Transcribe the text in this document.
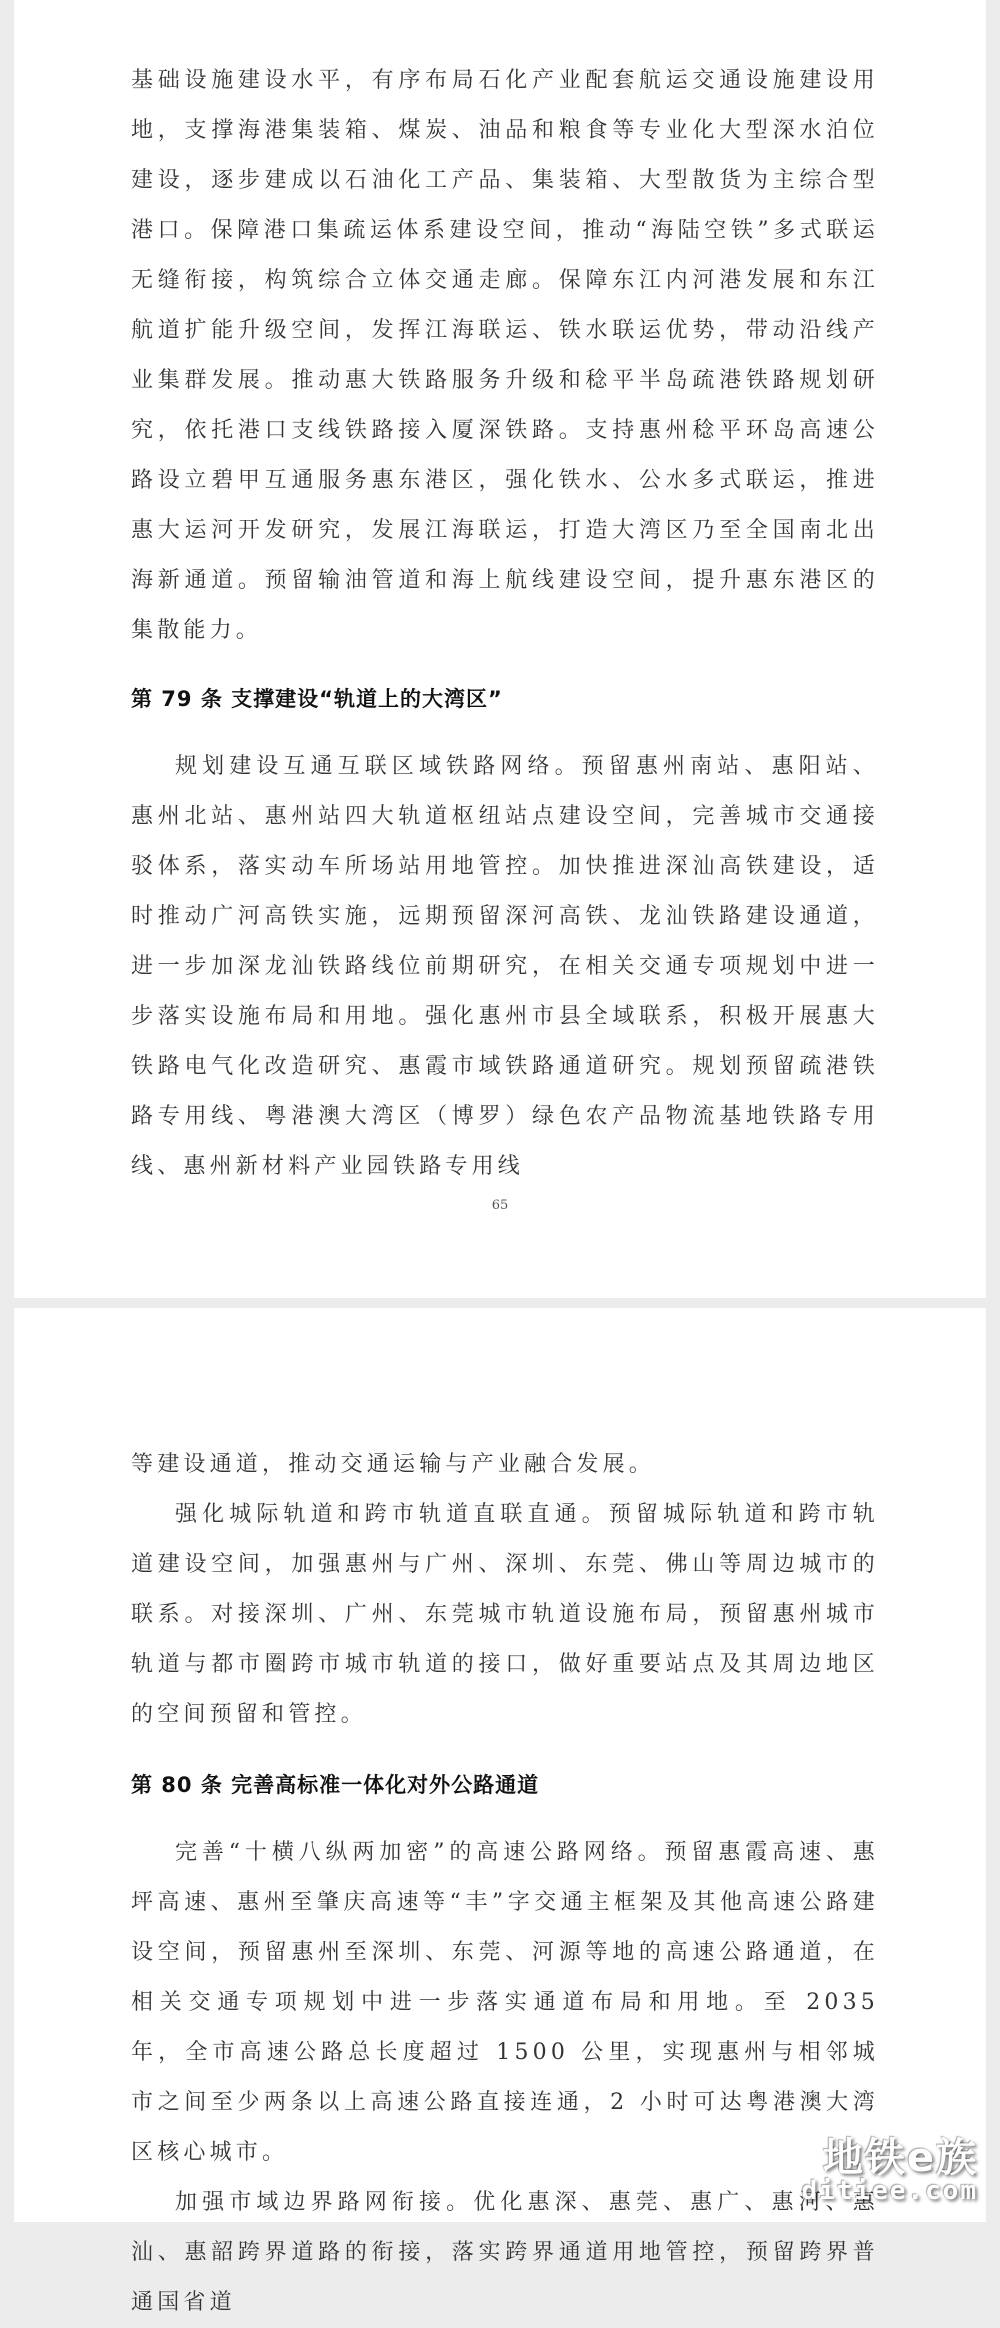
基础设施建设水平，有序布局石化产业配套航运交通设施建设用地，支撑海港集装箱、煤炭、油品和粮食等专业化大型深水泊位建设，逐步建成以石油化工产品、集装箱、大型散货为主综合型港口。保障港口集疏运体系建设空间，推动“海陆空铁”多式联运无缝衔接，构筑综合立体交通走廊。保障东江内河港发展和东江航道扩能升级空间，发挥江海联运、铁水联运优势，带动沿线产业集群发展。推动惠大铁路服务升级和稔平半岛疏港铁路规划研究，依托港口支线铁路接入厦深铁路。支持惠州稔平环岛高速公路设立碧甲互通服务惠东港区，强化铁水、公水多式联运，推进惠大运河开发研究，发展江海联运，打造大湾区乃至全国南北出海新通道。预留输油管道和海上航线建设空间，提升惠东港区的集散能力。

第 79 条 支撑建设“轨道上的大湾区”

规划建设互通互联区域铁路网络。预留惠州南站、惠阳站、惠州北站、惠州站四大轨道枢纽站点建设空间，完善城市交通接驳体系，落实动车所场站用地管控。加快推进深汕高铁建设，适时推动广河高铁实施，远期预留深河高铁、龙汕铁路建设通道，进一步加深龙汕铁路线位前期研究，在相关交通专项规划中进一步落实设施布局和用地。强化惠州市县全域联系，积极开展惠大铁路电气化改造研究、惠霞市域铁路通道研究。规划预留疏港铁路专用线、粤港澳大湾区（博罗）绿色农产品物流基地铁路专用线、惠州新材料产业园铁路专用线

65

等建设通道，推动交通运输与产业融合发展。

强化城际轨道和跨市轨道直联直通。预留城际轨道和跨市轨道建设空间，加强惠州与广州、深圳、东莞、佛山等周边城市的联系。对接深圳、广州、东莞城市轨道设施布局，预留惠州城市轨道与都市圈跨市城市轨道的接口，做好重要站点及其周边地区的空间预留和管控。

第 80 条 完善高标准一体化对外公路通道

完善“十横八纵两加密”的高速公路网络。预留惠霞高速、惠坪高速、惠州至肇庆高速等“丰”字交通主框架及其他高速公路建设空间，预留惠州至深圳、东莞、河源等地的高速公路通道，在相关交通专项规划中进一步落实通道布局和用地。至 2035 年，全市高速公路总长度超过 1500 公里，实现惠州与相邻城市之间至少两条以上高速公路直接连通，2 小时可达粤港澳大湾区核心城市。

加强市域边界路网衔接。优化惠深、惠莞、惠广、惠河、惠汕、惠韶跨界道路的衔接，落实跨界通道用地管控，预留跨界普通国省道

地铁e族
ditiee.com
